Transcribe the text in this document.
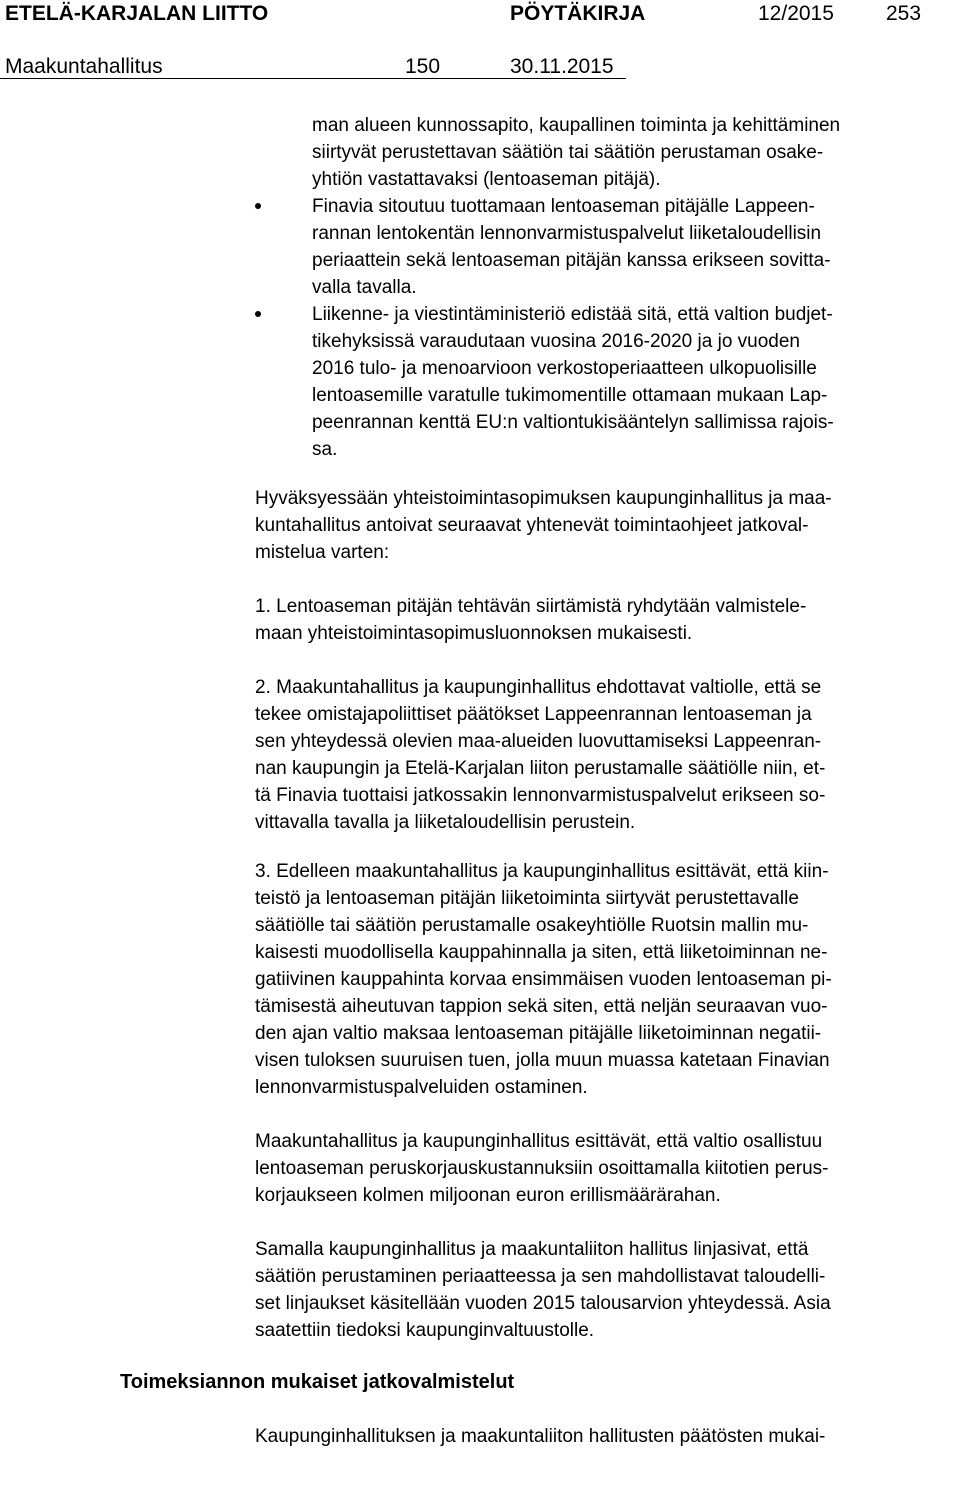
ETELÄ-KARJALAN LIITTO	PÖYTÄKIRJA	12/2015 253
Maakuntahallitus	150	30.11.2015
man alueen kunnossapito, kaupallinen toiminta ja kehittäminen
siirtyvät perustettavan säätiön tai säätiön perustaman osake-
yhtiön vastattavaksi (lentoaseman pitäjä).
Finavia sitoutuu tuottamaan lentoaseman pitäjälle Lappeen-
rannan lentokentän lennonvarmistuspalvelut liiketaloudellisin
periaattein sekä lentoaseman pitäjän kanssa erikseen sovitta-
valla tavalla.
Liikenne- ja viestintäministeriö edistää sitä, että valtion budjet-
tikehyksissä varaudutaan vuosina 2016-2020 ja jo vuoden
2016 tulo- ja menoarvioon verkostoperiaatteen ulkopuolisille
lentoasemille varatulle tukimomentille ottamaan mukaan Lap-
peenrannan kenttä EU:n valtiontukisääntelyn sallimissa rajois-
sa.
Hyväksyessään yhteistoimintasopimuksen kaupunginhallitus ja maa-
kuntahallitus antoivat seuraavat yhtenevät toimintaohjeet jatkoval-
mistelua varten:
1. Lentoaseman pitäjän tehtävän siirtämistä ryhdytään valmistele-
maan yhteistoimintasopimusluonnoksen mukaisesti.
2. Maakuntahallitus ja kaupunginhallitus ehdottavat valtiolle, että se
tekee omistajapoliittiset päätökset Lappeenrannan lentoaseman ja
sen yhteydessä olevien maa-alueiden luovuttamiseksi Lappeenran-
nan kaupungin ja Etelä-Karjalan liiton perustamalle säätiölle niin, et-
tä Finavia tuottaisi jatkossakin lennonvarmistuspalvelut erikseen so-
vittavalla tavalla ja liiketaloudellisin perustein.
3. Edelleen maakuntahallitus ja kaupunginhallitus esittävät, että kiin-
teistö ja lentoaseman pitäjän liiketoiminta siirtyvät perustettavalle
säätiölle tai säätiön perustamalle osakeyhtiölle Ruotsin mallin mu-
kaisesti muodollisella kauppahinnalla ja siten, että liiketoiminnan ne-
gatiivinen kauppahinta korvaa ensimmäisen vuoden lentoaseman pi-
tämisestä aiheutuvan tappion sekä siten, että neljän seuraavan vuo-
den ajan valtio maksaa lentoaseman pitäjälle liiketoiminnan negatii-
visen tuloksen suuruisen tuen, jolla muun muassa katetaan Finavian
lennonvarmistuspalveluiden ostaminen.
Maakuntahallitus ja kaupunginhallitus esittävät, että valtio osallistuu
lentoaseman peruskorjauskustannuksiin osoittamalla kiitotien perus-
korjaukseen kolmen miljoonan euron erillismäärärahan.
Samalla kaupunginhallitus ja maakuntaliiton hallitus linjasivat, että
säätiön perustaminen periaatteessa ja sen mahdollistavat taloudelli-
set linjaukset käsitellään vuoden 2015 talousarvion yhteydessä. Asia
saatettiin tiedoksi kaupunginvaltuustolle.
Toimeksiannon mukaiset jatkovalmistelut
Kaupunginhallituksen ja maakuntaliiton hallitusten päätösten mukai-
